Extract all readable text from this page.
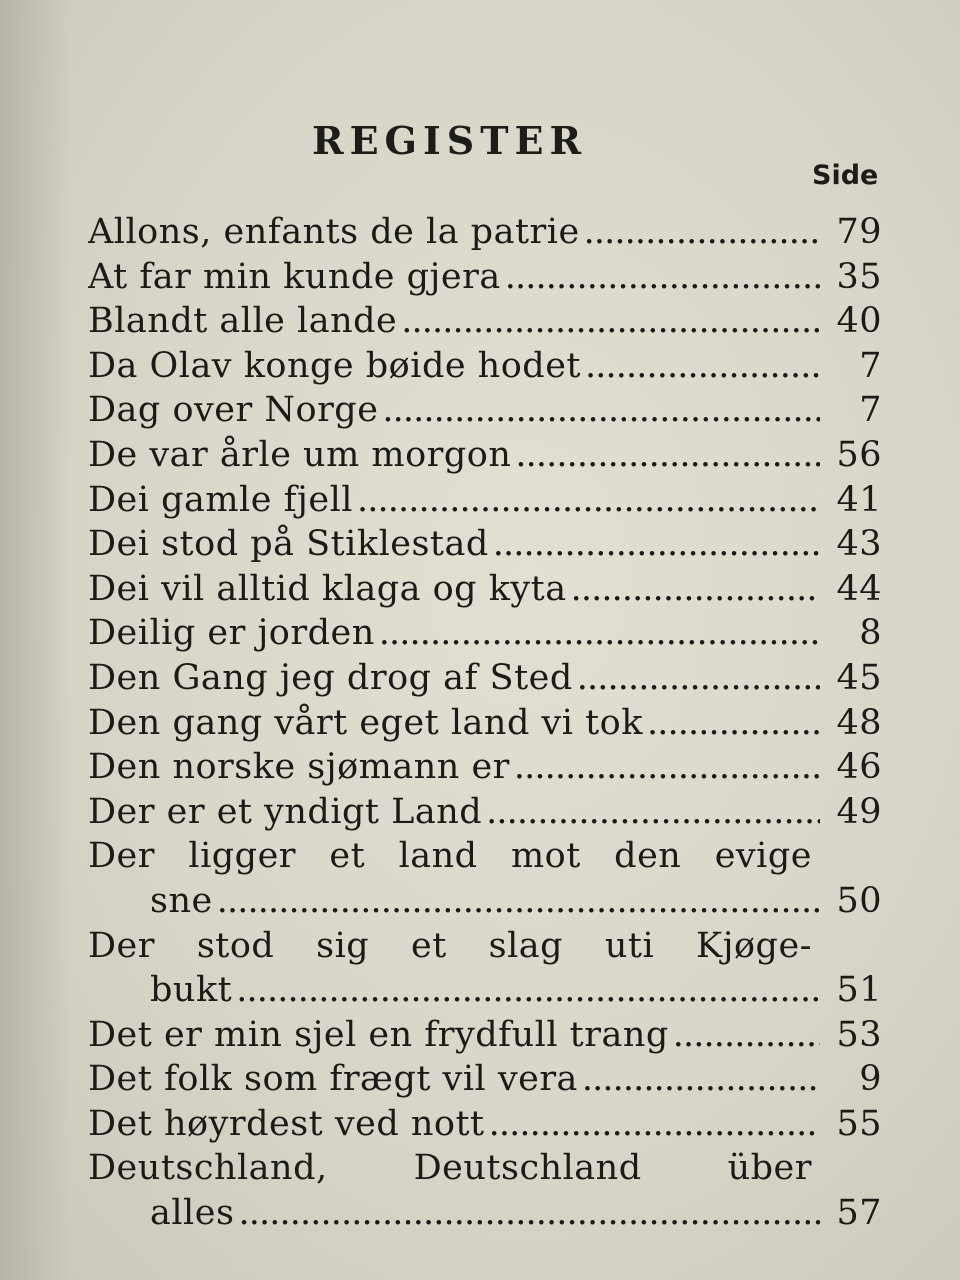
REGISTER
Side
Allons, enfants de la patrie . . .	79
At far min kunde gjera . . .	35
Blandt alle lande . . .	40
Da Olav konge bøide hodet . . .	7
Dag over Norge . . .	7
De var årle um morgon . . .	56
Dei gamle fjell . . .	41
Dei stod på Stiklestad . . .	43
Dei vil alltid klaga og kyta . . .	44
Deilig er jorden . . .	8
Den Gang jeg drog af Sted . . .	45
Den gang vårt eget land vi tok . . .	48
Den norske sjømann er . . .	46
Der er et yndigt Land . . .	49
Der ligger et land mot den evige
sne . . .	50
Der stod sig et slag uti Kjøge-
bukt . . .	51
Det er min sjel en frydfull trang . . .	53
Det folk som frægt vil vera . . .	9
Det høyrdest ved nott . . .	55
Deutschland, Deutschland über
alles . . .	57
